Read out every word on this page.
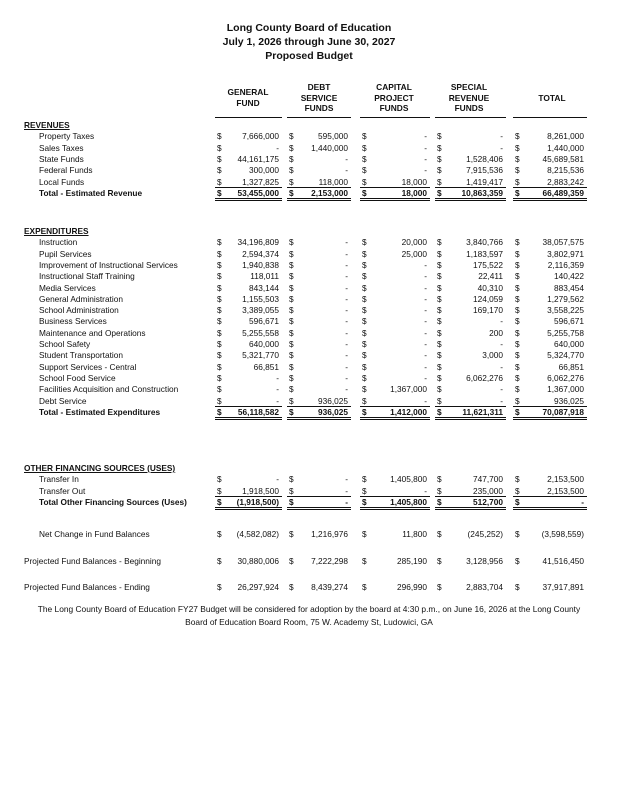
Long County Board of Education
July 1, 2026 through June 30, 2027
Proposed Budget
GENERAL
FUND
DEBT
SERVICE
FUNDS
CAPITAL
PROJECT
FUNDS
SPECIAL
REVENUE
FUNDS
TOTAL
REVENUES
Property Taxes	$	7,666,000 $	595,000 $	- $	- $	8,261,000
Sales Taxes	$	- $	1,440,000 $	- $	- $	1,440,000
State Funds	$	44,161,175 $	- $	- $	1,528,406 $	45,689,581
Federal Funds	$	300,000 $	- $	- $	7,915,536 $	8,215,536
Local Funds	$	1,327,825 $	118,000 $	18,000 $	1,419,417 $	2,883,242
Total - Estimated Revenue	$	53,455,000 $	2,153,000 $	18,000 $	10,863,359 $	66,489,359
EXPENDITURES
Instruction	$	34,196,809 $	- $	20,000 $	3,840,766 $	38,057,575
Pupil Services	$	2,594,374 $	- $	25,000 $	1,183,597 $	3,802,971
Improvement of Instructional Services	$	1,940,838 $	- $	- $	175,522 $	2,116,359
Instructional Staff Training	$	118,011 $	- $	- $	22,411 $	140,422
Media Services	$	843,144 $	- $	- $	40,310 $	883,454
General Administration	$	1,155,503 $	- $	- $	124,059 $	1,279,562
School Administration	$	3,389,055 $	- $	- $	169,170 $	3,558,225
Business Services	$	596,671 $	- $	- $	- $	596,671
Maintenance and Operations	$	5,255,558 $	- $	- $	200 $	5,255,758
School Safety	$	640,000 $	- $	- $	- $	640,000
Student Transportation	$	5,321,770 $	- $	- $	3,000 $	5,324,770
Support Services - Central	$	66,851 $	- $	- $	- $	66,851
School Food Service	$	- $	- $	- $	6,062,276 $	6,062,276
Facilities Acquisition and Construction	$	- $	- $	1,367,000 $	- $	1,367,000
Debt Service	$	- $	936,025 $	- $	- $	936,025
Total - Estimated Expenditures	$	56,118,582 $	936,025 $	1,412,000 $	11,621,311 $	70,087,918
OTHER FINANCING SOURCES (USES)
Transfer In	$	- $	- $	1,405,800 $	747,700 $	2,153,500
Transfer Out	$	1,918,500 $	- $	- $	235,000 $	2,153,500
Total Other Financing Sources (Uses)	$	(1,918,500) $	- $	1,405,800 $	512,700 $	-
Net Change in Fund Balances	$	(4,582,082) $	1,216,976 $	11,800 $	(245,252) $	(3,598,559)
Projected Fund Balances - Beginning	$	30,880,006 $	7,222,298 $	285,190 $	3,128,956 $	41,516,450
Projected Fund Balances - Ending	$	26,297,924 $	8,439,274 $	296,990 $	2,883,704 $	37,917,891
The Long County Board of Education FY27 Budget will be considered for adoption by the board at 4:30 p.m., on June 16, 2026 at the Long County
Board of Education Board Room, 75 W. Academy St, Ludowici, GA
